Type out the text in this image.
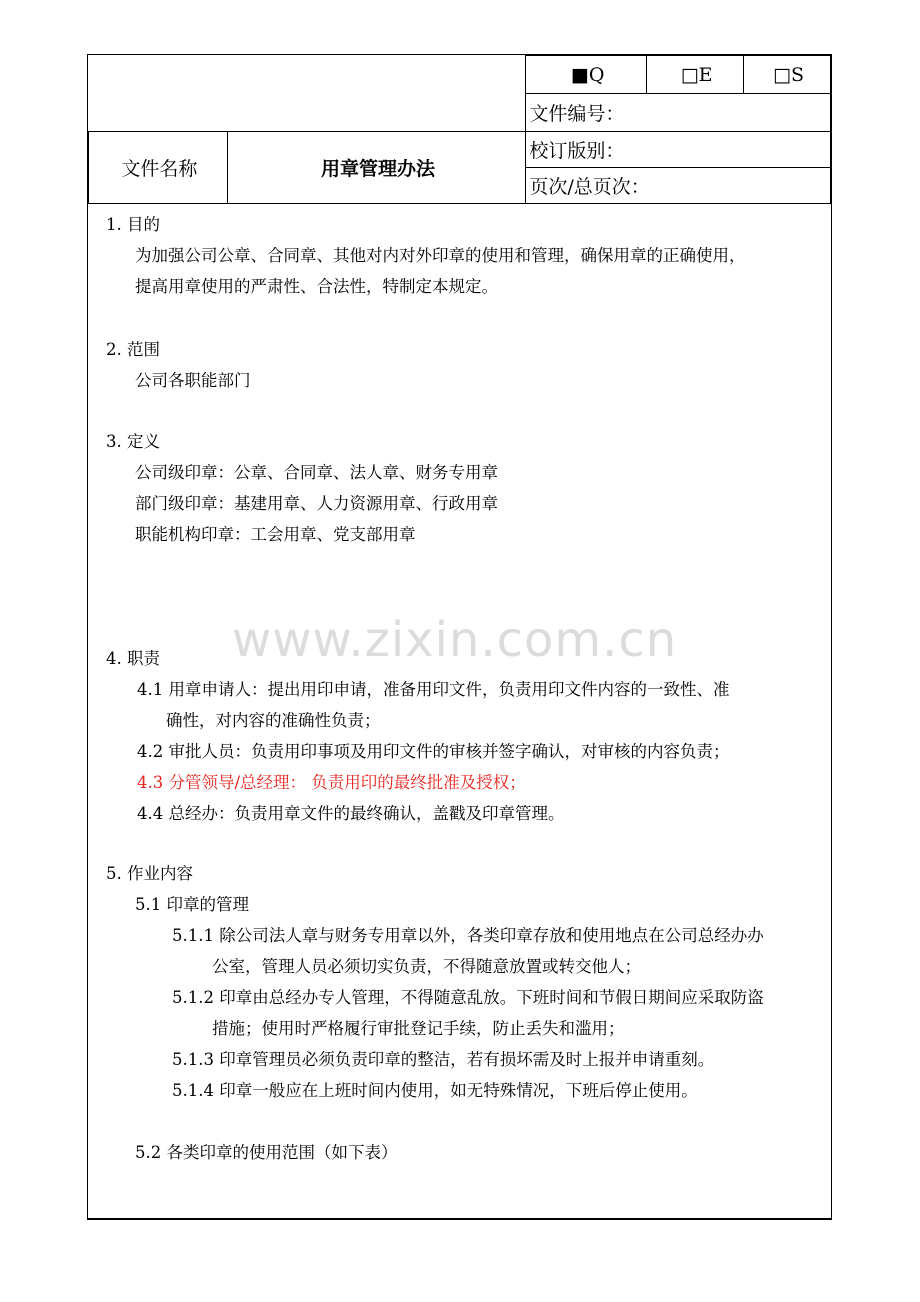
		■Q	□E	□S
		文件编号：		
文件名称	用章管理办法	校订版别：		
		页次/总页次：		
1. 目的
为加强公司公章、合同章、其他对内对外印章的使用和管理，确保用章的正确使用，
提高用章使用的严肃性、合法性，特制定本规定。
2. 范围
公司各职能部门
3. 定义
公司级印章：公章、合同章、法人章、财务专用章
部门级印章：基建用章、人力资源用章、行政用章
职能机构印章：工会用章、党支部用章
4. 职责
4.1 用章申请人：提出用印申请，准备用印文件，负责用印文件内容的一致性、准
确性，对内容的准确性负责；
4.2 审批人员：负责用印事项及用印文件的审核并签字确认，对审核的内容负责；
4.3 分管领导/总经理： 负责用印的最终批准及授权；
4.4 总经办：负责用章文件的最终确认，盖戳及印章管理。
5. 作业内容
5.1 印章的管理
5.1.1 除公司法人章与财务专用章以外，各类印章存放和使用地点在公司总经办办
公室，管理人员必须切实负责，不得随意放置或转交他人；
5.1.2 印章由总经办专人管理，不得随意乱放。下班时间和节假日期间应采取防盗
措施；使用时严格履行审批登记手续，防止丢失和滥用；
5.1.3 印章管理员必须负责印章的整洁，若有损坏需及时上报并申请重刻。
5.1.4 印章一般应在上班时间内使用，如无特殊情况，下班后停止使用。
5.2 各类印章的使用范围（如下表）
www.zixin.com.cn
